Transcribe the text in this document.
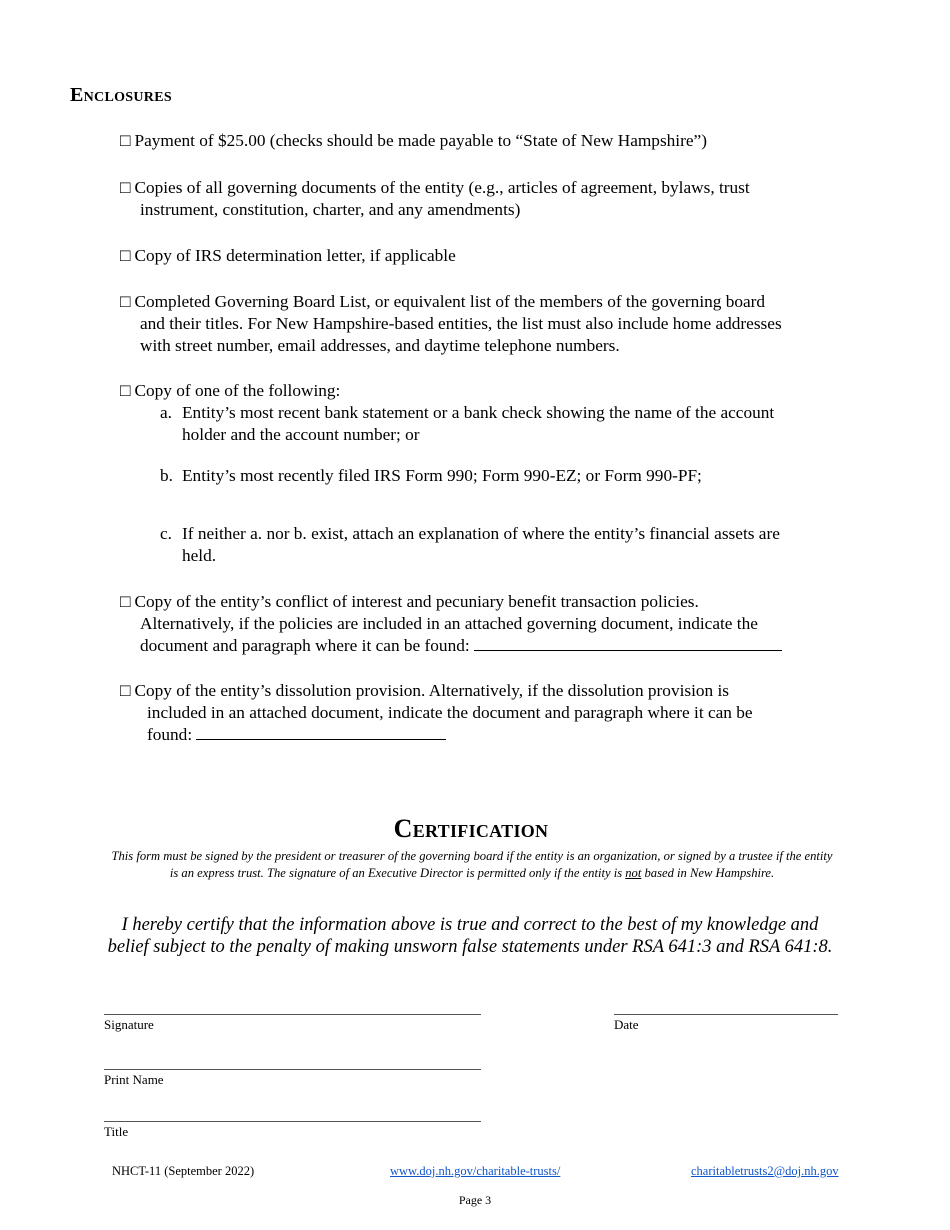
Enclosures
□ Payment of $25.00 (checks should be made payable to “State of New Hampshire”)
□ Copies of all governing documents of the entity (e.g., articles of agreement, bylaws, trust
instrument, constitution, charter, and any amendments)
□ Copy of IRS determination letter, if applicable
□ Completed Governing Board List, or equivalent list of the members of the governing board
and their titles. For New Hampshire-based entities, the list must also include home addresses
with street number, email addresses, and daytime telephone numbers.
□ Copy of one of the following:
a. Entity’s most recent bank statement or a bank check showing the name of the account
holder and the account number; or
b. Entity’s most recently filed IRS Form 990; Form 990-EZ; or Form 990-PF;
c. If neither a. nor b. exist, attach an explanation of where the entity’s financial assets are
held.
□ Copy of the entity’s conflict of interest and pecuniary benefit transaction policies.
Alternatively, if the policies are included in an attached governing document, indicate the
document and paragraph where it can be found:
□ Copy of the entity’s dissolution provision. Alternatively, if the dissolution provision is
included in an attached document, indicate the document and paragraph where it can be
found:
Certification
This form must be signed by the president or treasurer of the governing board if the entity is an organization, or signed by a trustee if the entity is an express trust. The signature of an Executive Director is permitted only if the entity is not based in New Hampshire.
I hereby certify that the information above is true and correct to the best of my knowledge and
belief subject to the penalty of making unsworn false statements under RSA 641:3 and RSA 641:8.
Signature	Date
Print Name
Title
NHCT-11 (September 2022)	www.doj.nh.gov/charitable-trusts/	charitabletrusts2@doj.nh.gov
Page 3
